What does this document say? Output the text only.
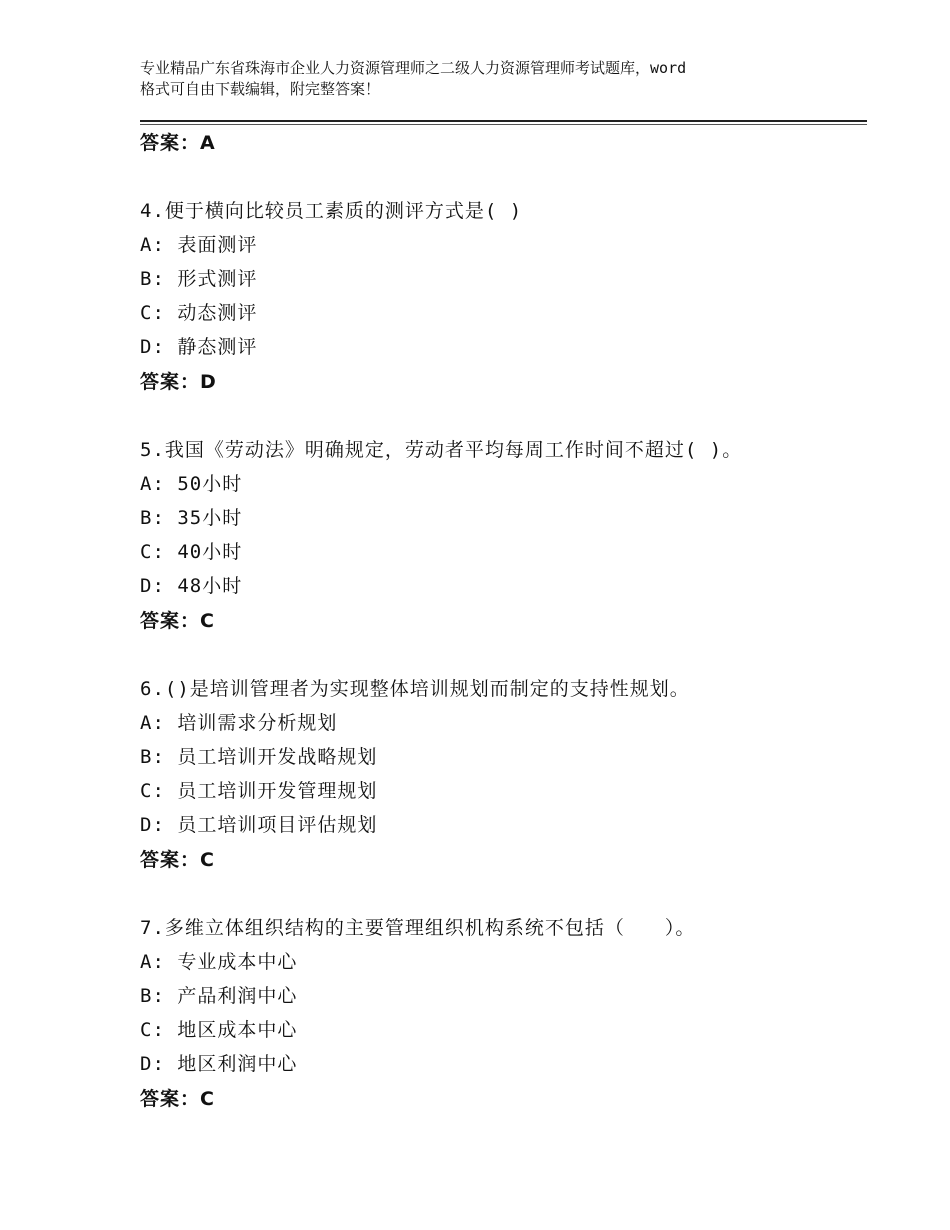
专业精品广东省珠海市企业人力资源管理师之二级人力资源管理师考试题库，word
格式可自由下载编辑，附完整答案！
答案：A
4.便于横向比较员工素质的测评方式是( )
A: 表面测评
B: 形式测评
C: 动态测评
D: 静态测评
答案：D
5.我国《劳动法》明确规定，劳动者平均每周工作时间不超过( )。
A: 50小时
B: 35小时
C: 40小时
D: 48小时
答案：C
6.()是培训管理者为实现整体培训规划而制定的支持性规划。
A: 培训需求分析规划
B: 员工培训开发战略规划
C: 员工培训开发管理规划
D: 员工培训项目评估规划
答案：C
7.多维立体组织结构的主要管理组织机构系统不包括（　　）。
A: 专业成本中心
B: 产品利润中心
C: 地区成本中心
D: 地区利润中心
答案：C
